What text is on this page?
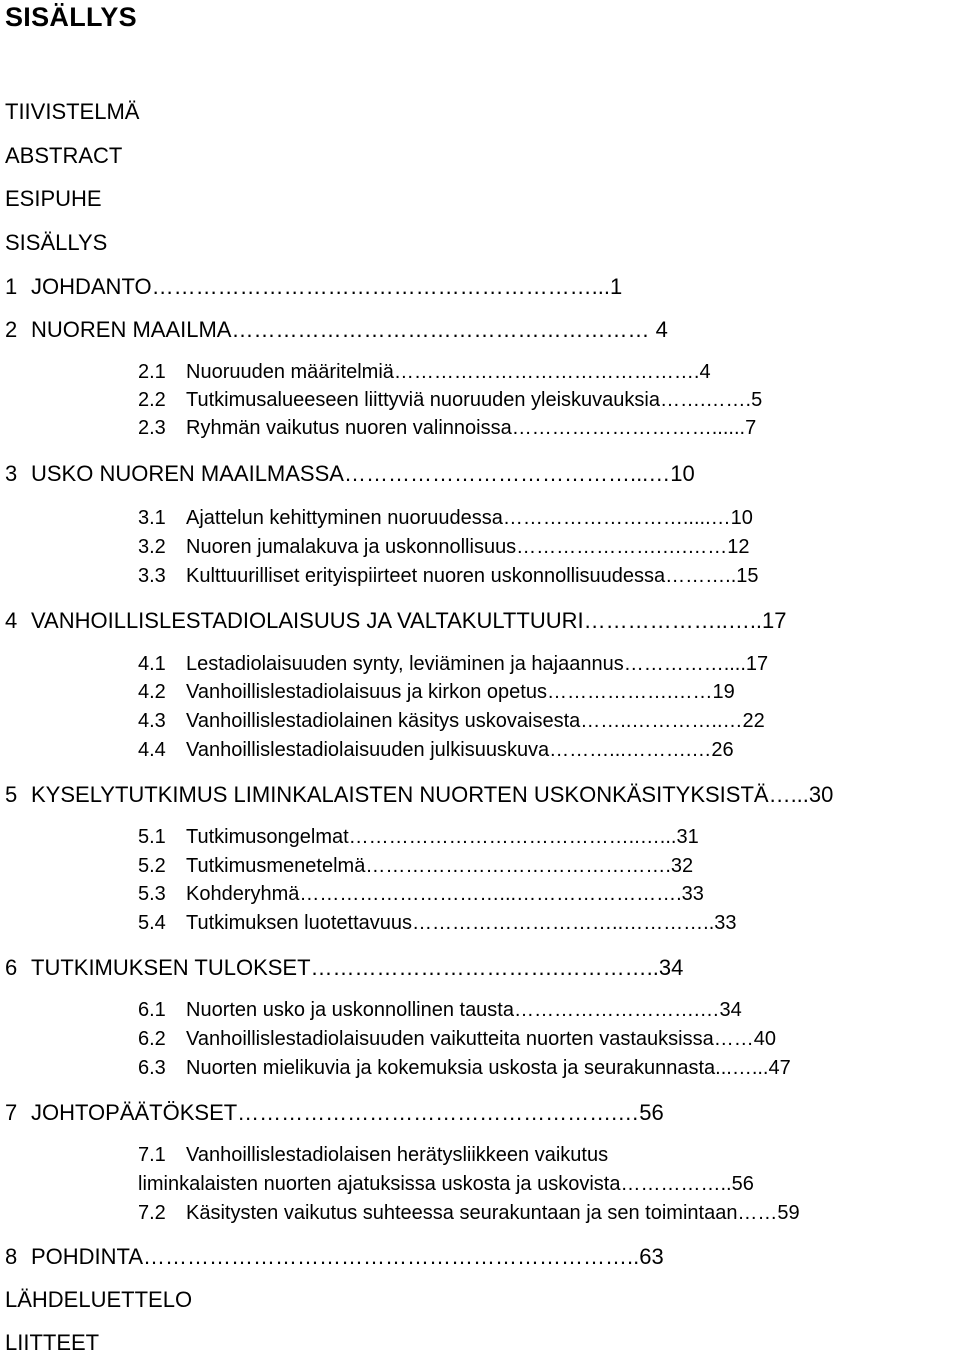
SISÄLLYS
TIIVISTELMÄ
ABSTRACT
ESIPUHE
SISÄLLYS
1 JOHDANTO……………………………………………………...1
2 NUOREN MAAILMA………………………………………………… 4
2.1 Nuoruuden määritelmiä……………………………………….4
2.2 Tutkimusalueeseen liittyviä nuoruuden yleiskuvauksia…….…….5
2.3 Ryhmän vaikutus nuoren valinnoissa…………………………......7
3 USKO NUOREN MAAILMASSA…………………………………...…10
3.1 Ajattelun kehittyminen nuoruudessa……………………….....…10
3.2 Nuoren jumalakuva ja uskonnollisuus………………….….……12
3.3 Kulttuurilliset erityispiirteet nuoren uskonnollisuudessa………..15
4 VANHOILLISLESTADIOLAISUUS JA VALTAKULTTUURI………………..…..17
4.1 Lestadiolaisuuden synty, leviäminen ja hajaannus……………....17
4.2 Vanhoillislestadiolaisuus ja kirkon opetus……………….……19
4.3 Vanhoillislestadiolainen käsitys uskovaisesta……..…………..…22
4.4 Vanhoillislestadiolaisuuden julkisuuskuva………...……….…26
5 KYSELYTUTKIMUS LIMINKALAISTEN NUORTEN USKONKÄSITYKSISTÄ…...30
5.1 Tutkimusongelmat……………………………………..…...31
5.2 Tutkimusmenetelmä……………………………………….32
5.3 Kohderyhmä…………………………...…………………….33
5.4 Tutkimuksen luotettavuus…………………………..…………..33
6 TUTKIMUKSEN TULOKSET…………………………….…………..34
6.1 Nuorten usko ja uskonnollinen tausta……………………….…34
6.2 Vanhoillislestadiolaisuuden vaikutteita nuorten vastauksissa……40
6.3 Nuorten mielikuvia ja kokemuksia uskosta ja seurakunnasta...…...47
7 JOHTOPÄÄTÖKSET…………………………………………….…56
7.1 Vanhoillislestadiolaisen herätysliikkeen vaikutus
liminkalaisten nuorten ajatuksissa uskosta ja uskovista……………..56
7.2 Käsitysten vaikutus suhteessa seurakuntaan ja sen toimintaan……59
8 POHDINTA…………………………………………………………..63
LÄHDELUETTELO
LIITTEET
